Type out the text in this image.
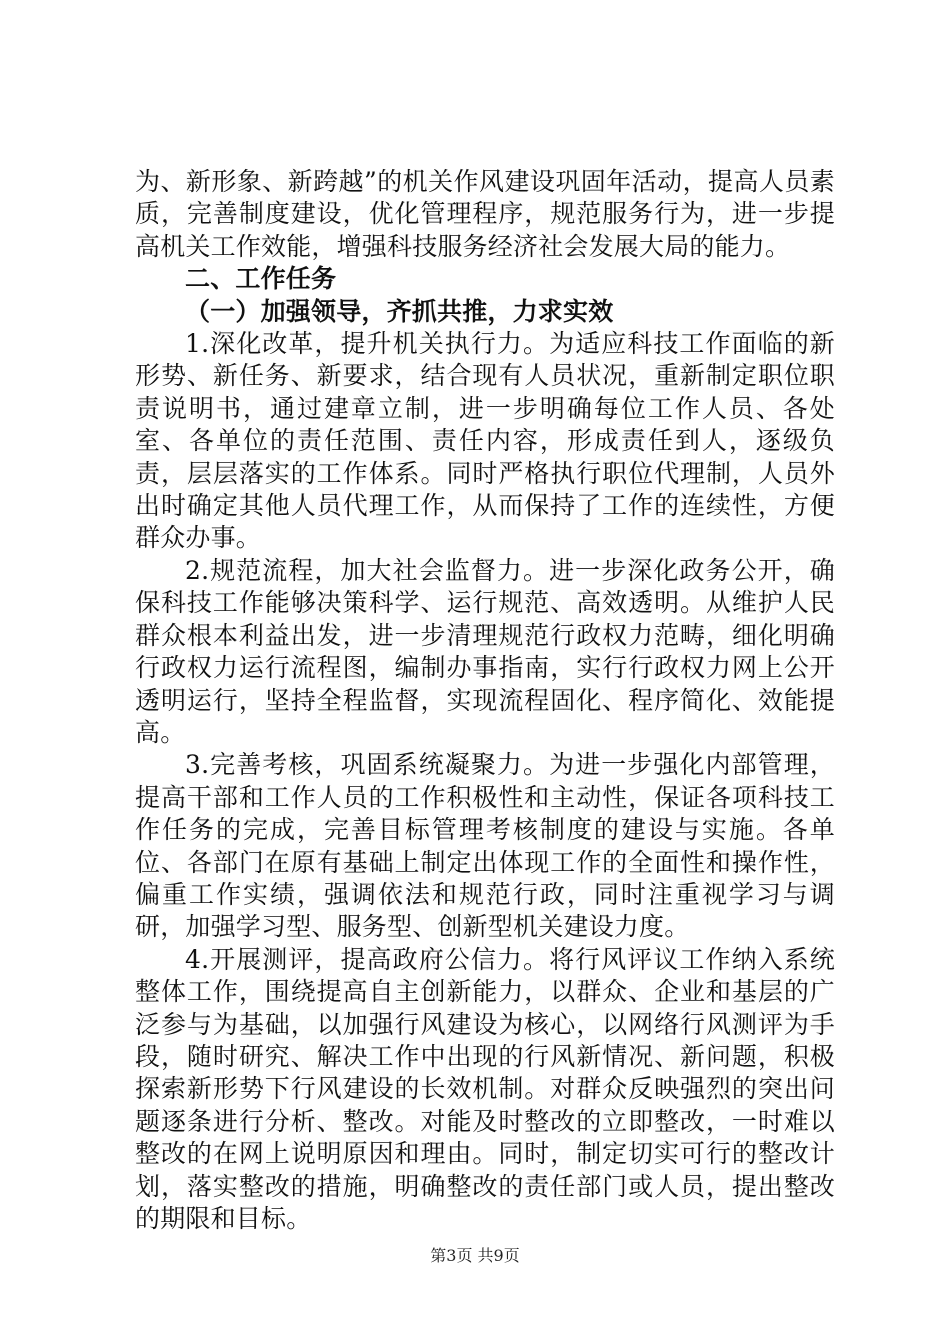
为、新形象、新跨越”的机关作风建设巩固年活动，提高人员素质，完善制度建设，优化管理程序，规范服务行为，进一步提高机关工作效能，增强科技服务经济社会发展大局的能力。

二、工作任务

（一）加强领导，齐抓共推，力求实效

1.深化改革，提升机关执行力。为适应科技工作面临的新形势、新任务、新要求，结合现有人员状况，重新制定职位职责说明书，通过建章立制，进一步明确每位工作人员、各处室、各单位的责任范围、责任内容，形成责任到人，逐级负责，层层落实的工作体系。同时严格执行职位代理制，人员外出时确定其他人员代理工作，从而保持了工作的连续性，方便群众办事。

2.规范流程，加大社会监督力。进一步深化政务公开，确保科技工作能够决策科学、运行规范、高效透明。从维护人民群众根本利益出发，进一步清理规范行政权力范畴，细化明确行政权力运行流程图，编制办事指南，实行行政权力网上公开透明运行，坚持全程监督，实现流程固化、程序简化、效能提高。

3.完善考核，巩固系统凝聚力。为进一步强化内部管理，提高干部和工作人员的工作积极性和主动性，保证各项科技工作任务的完成，完善目标管理考核制度的建设与实施。各单位、各部门在原有基础上制定出体现工作的全面性和操作性，偏重工作实绩，强调依法和规范行政，同时注重视学习与调研，加强学习型、服务型、创新型机关建设力度。

4.开展测评，提高政府公信力。将行风评议工作纳入系统整体工作，围绕提高自主创新能力，以群众、企业和基层的广泛参与为基础，以加强行风建设为核心，以网络行风测评为手段，随时研究、解决工作中出现的行风新情况、新问题，积极探索新形势下行风建设的长效机制。对群众反映强烈的突出问题逐条进行分析、整改。对能及时整改的立即整改，一时难以整改的在网上说明原因和理由。同时，制定切实可行的整改计划，落实整改的措施，明确整改的责任部门或人员，提出整改的期限和目标。

第3页 共9页
